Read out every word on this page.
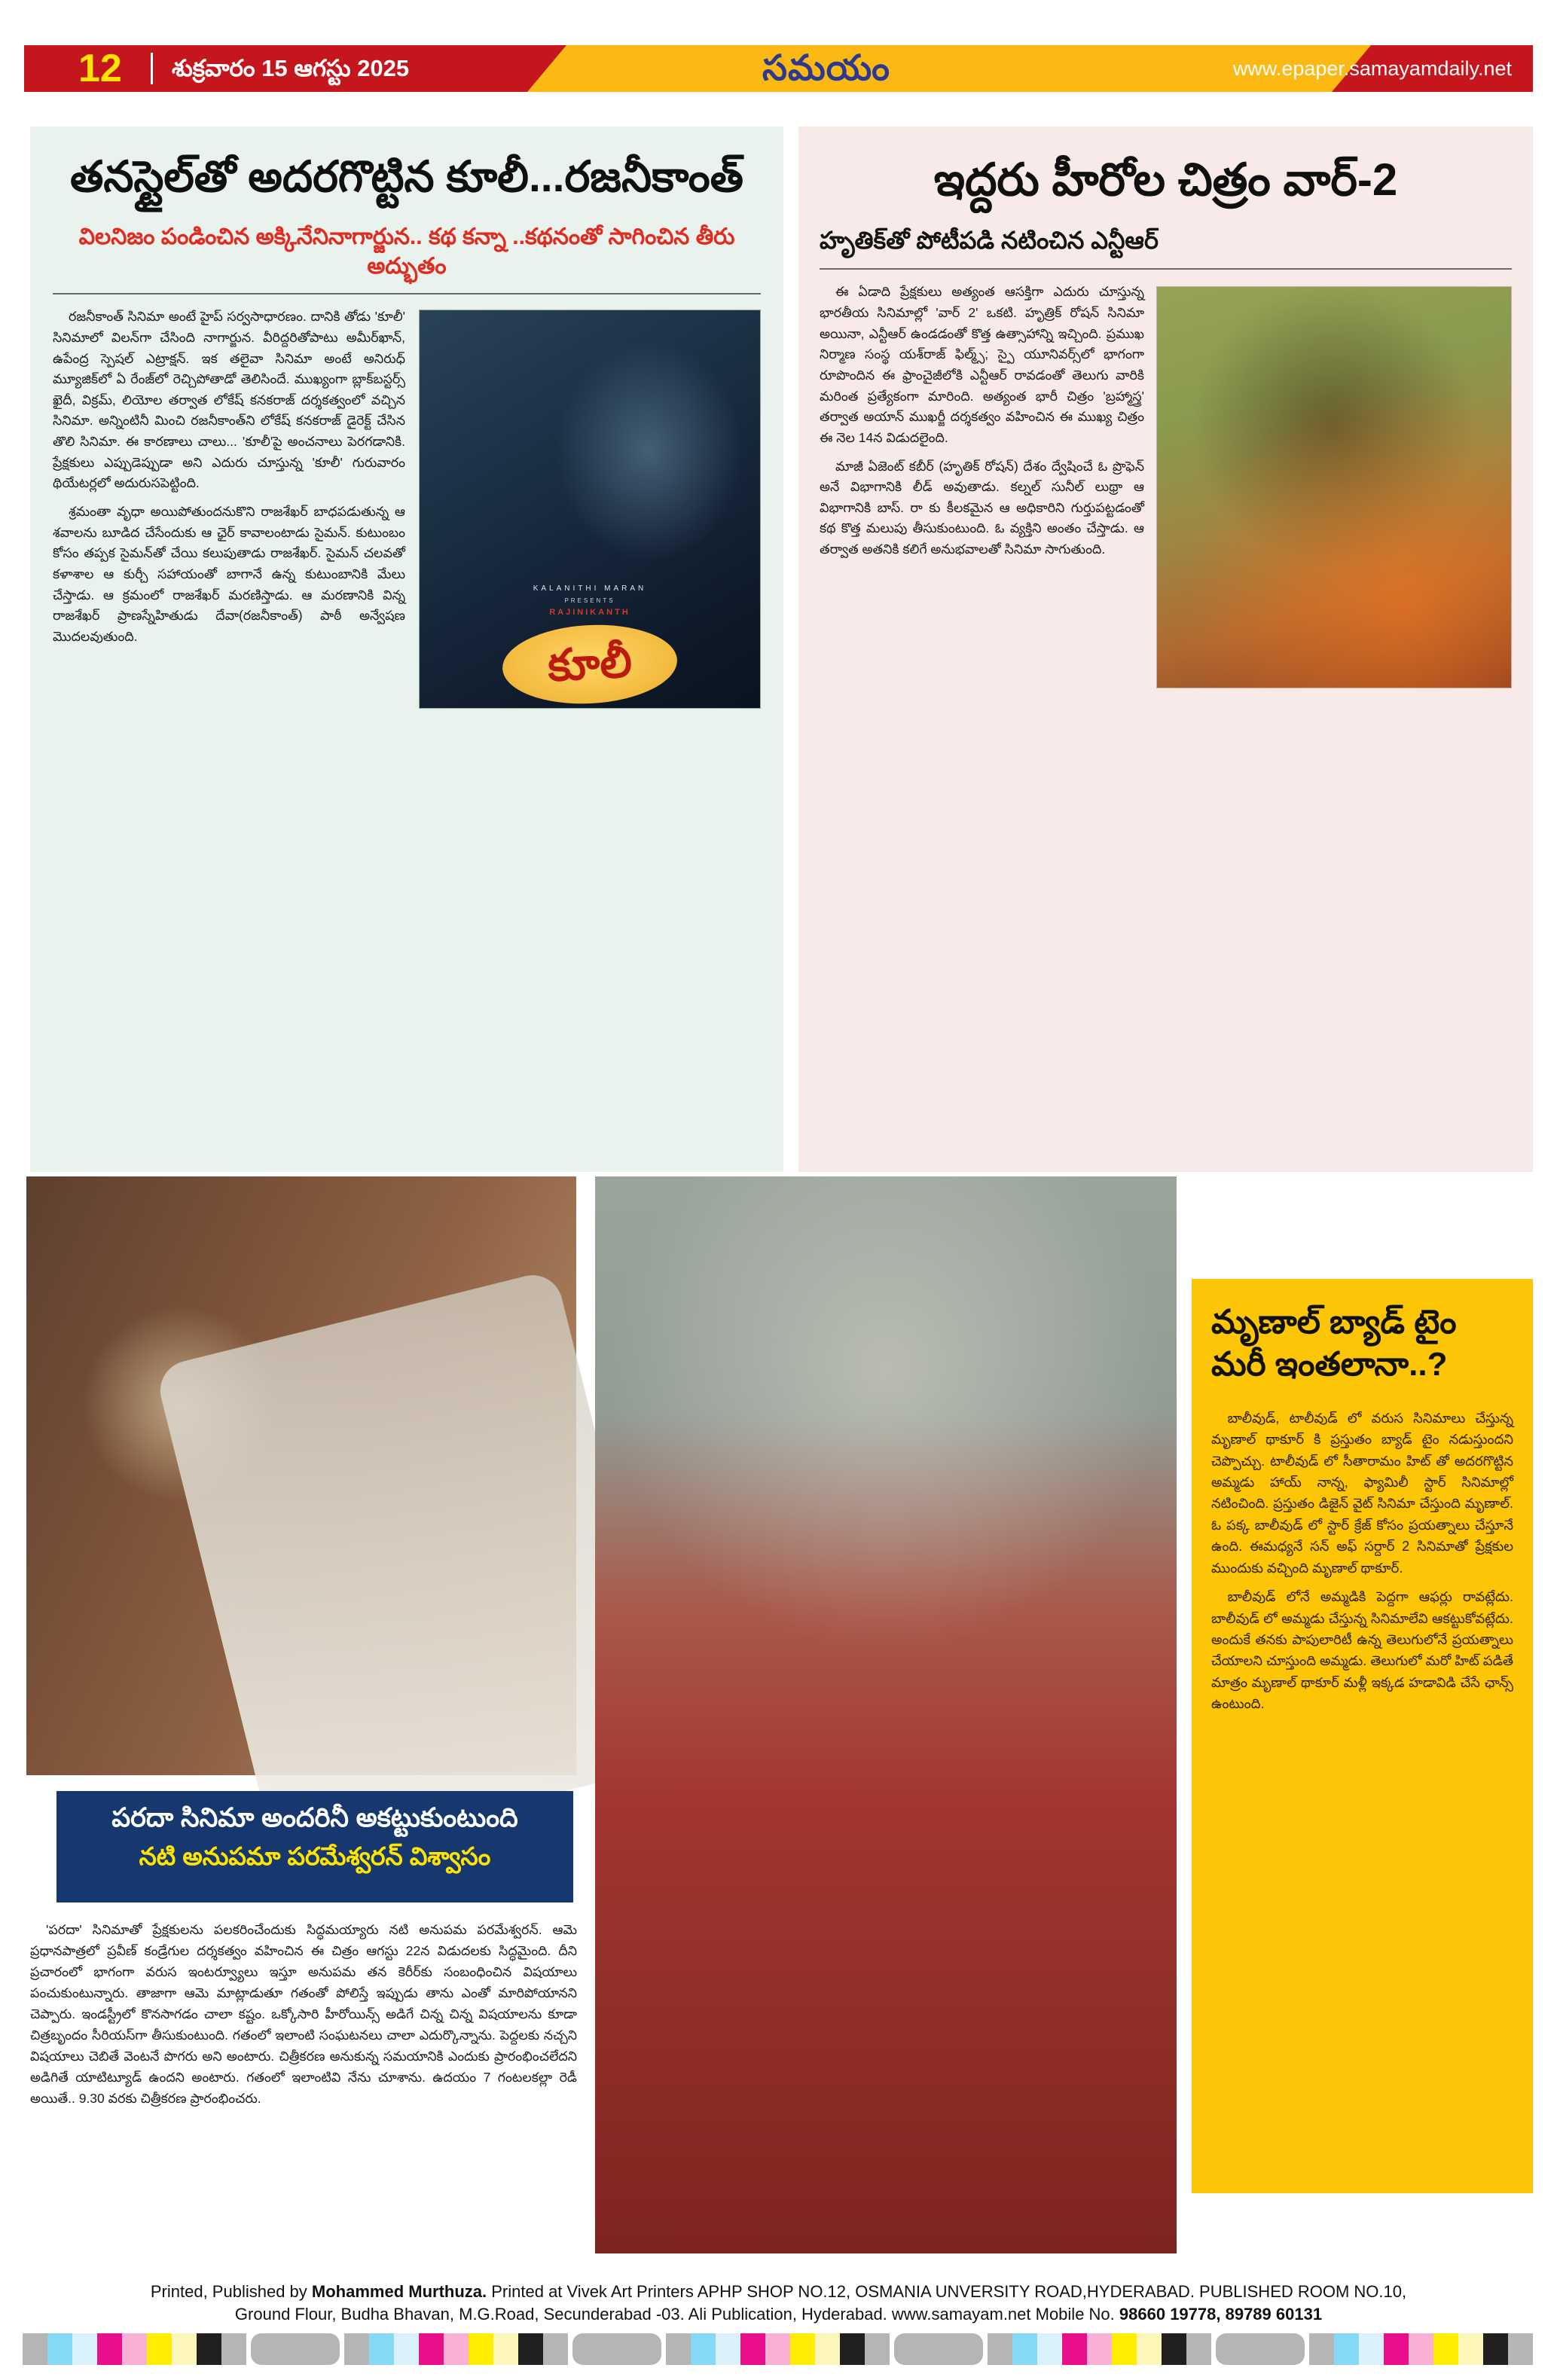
12 శుక్రవారం 15 ఆగస్టు 2025	సమయం	www.epaper.samayamdaily.net
తనస్టైల్‌తో అదరగొట్టిన కూలీ...రజనీకాంత్
విలనిజం పండించిన అక్కినేనినాగార్జున.. కథ కన్నా ..కథనంతో సాగించిన తీరు అద్భుతం
KALANITHI MARAN
PRESENTS
RAJINIKANTH
కూలీ

రజనీకాంత్ సినిమా అంటే హైప్ సర్వసాధారణం. దానికి తోడు 'కూలీ' సినిమాలో విలన్‌గా చేసింది నాగార్జున. వీరిద్దరితోపాటు అమీర్‌ఖాన్, ఉపేంద్ర స్పెషల్ ఎట్రాక్షన్. ఇక తలైవా సినిమా అంటే అనిరుధ్ మ్యూజిక్‌లో ఏ రేంజ్‌లో రెచ్చిపోతాడో తెలిసిందే. ముఖ్యంగా బ్లాక్‌బస్టర్స్ ఖైదీ, విక్రమ్, లియోల తర్వాత లోకేష్ కనకరాజ్ దర్శకత్వంలో వచ్చిన సినిమా. అన్నింటినీ మించి రజనీకాంత్‌ని లోకేష్ కనకరాజ్ డైరెక్ట్ చేసిన తొలి సినిమా. ఈ కారణాలు చాలు... 'కూలీ'పై అంచనాలు పెరగడానికి. ప్రేక్షకులు ఎప్పుడెప్పుడా అని ఎదురు చూస్తున్న 'కూలీ' గురువారం థియేటర్లలో అదురుసపెట్టింది.

శ్రమంతా వృధా అయిపోతుందనుకొని రాజశేఖర్ బాధపడుతున్న ఆ శవాలను బూడిద చేసేందుకు ఆ ఛైర్ కావాలంటాడు సైమన్. కుటుంబం కోసం తప్పక సైమన్‌తో చేయి కలుపుతాడు రాజశేఖర్. సైమన్ చలవతో కళాశాల ఆ కుర్చీ సహాయంతో బాగానే ఉన్న కుటుంబానికి మేలు చేస్తాడు. ఆ క్రమంలో రాజశేఖర్ మరణిస్తాడు. ఆ మరణానికి విన్న రాజశేఖర్ ప్రాణస్నేహితుడు దేవా(రజనీకాంత్) పాఠీ అన్వేషణ మొదలవుతుంది.

ఇద్దరు హీరోల చిత్రం వార్-2
హృతిక్‌తో పోటీపడి నటించిన ఎన్టీఆర్

ఈ ఏడాది ప్రేక్షకులు అత్యంత ఆసక్తిగా ఎదురు చూస్తున్న భారతీయ సినిమాల్లో 'వార్ 2' ఒకటి. హృత్రిక్ రోషన్ సినిమా అయినా, ఎన్టీఆర్ ఉండడంతో కొత్త ఉత్సాహాన్ని ఇచ్చింది. ప్రముఖ నిర్మాణ సంస్థ యశ్‌రాజ్ ఫిల్మ్స్; స్పై యూనివర్స్‌లో భాగంగా రూపొందిన ఈ ఫ్రాంచైజీలోకి ఎన్టీఆర్ రావడంతో తెలుగు వారికి మరింత ప్రత్యేకంగా మారింది. అత్యంత భారీ చిత్రం 'బ్రహ్మాస్త్ర' తర్వాత అయాన్ ముఖర్జీ దర్శకత్వం వహించిన ఈ ముఖ్య చిత్రం ఈ నెల 14న విడుదలైంది.

మాజీ ఏజెంట్ కబీర్ (హృతిక్ రోషన్) దేశం ద్వేషించే ఓ ప్రొఫెన్ అనే విభాగానికి లీడ్ అవుతాడు. కల్నల్ సునీల్ లుథ్రా ఆ విభాగానికి బాస్. రా కు కీలకమైన ఆ అధికారిని గుర్తుపట్టడంతో కథ కొత్త మలుపు తీసుకుంటుంది. ఓ వ్యక్తిని అంతం చేస్తాడు. ఆ తర్వాత అతనికి కలిగే అనుభవాలతో సినిమా సాగుతుంది.

పరదా సినిమా అందరినీ అకట్టుకుంటుంది
నటి అనుపమా పరమేశ్వరన్ విశ్వాసం

'పరదా' సినిమాతో ప్రేక్షకులను పలకరించేందుకు సిద్ధమయ్యారు నటి అనుపమ పరమేశ్వరన్. ఆమె ప్రధానపాత్రలో ప్రవీణ్ కండ్రేగుల దర్శకత్వం వహించిన ఈ చిత్రం ఆగస్టు 22న విడుదలకు సిద్ధమైంది. దీని ప్రచారంలో భాగంగా వరుస ఇంటర్వ్యూలు ఇస్తూ అనుపమ తన కెరీర్‌కు సంబంధించిన విషయాలు పంచుకుంటున్నారు. తాజాగా ఆమె మాట్లాడుతూ గతంతో పోలిస్తే ఇప్పుడు తాను ఎంతో మారిపోయానని చెప్పారు. ఇండస్ట్రీలో కొనసాగడం చాలా కష్టం. ఒక్కోసారి హీరోయిన్స్ అడిగే చిన్న చిన్న విషయాలను కూడా చిత్రబృందం సీరియస్‌గా తీసుకుంటుంది. గతంలో ఇలాంటి సంఘటనలు చాలా ఎదుర్కొన్నాను. పెద్దలకు నచ్చని విషయాలు చెబితే వెంటనే పొగరు అని అంటారు. చిత్రీకరణ అనుకున్న సమయానికి ఎందుకు ప్రారంభించలేదని అడిగితే యాటిట్యూడ్ ఉందని అంటారు. గతంలో ఇలాంటివి నేను చూశాను. ఉదయం 7 గంటలకల్లా రెడీ అయితే.. 9.30 వరకు చిత్రీకరణ ప్రారంభించరు.

మృణాల్ బ్యాడ్ టైం మరీ ఇంతలానా..?

బాలీవుడ్, టాలీవుడ్ లో వరుస సినిమాలు చేస్తున్న మృణాల్ థాకూర్ కి ప్రస్తుతం బ్యాడ్ టైం నడుస్తుందని చెప్పొచ్చు. టాలీవుడ్ లో సీతారామం హిట్ తో అదరగొట్టిన అమ్మడు హాయ్ నాన్న, ఫ్యామిలీ స్టార్ సినిమాల్లో నటించింది. ప్రస్తుతం డిజైన్ వైట్ సినిమా చేస్తుంది మృణాల్. ఓ పక్క బాలీవుడ్ లో స్టార్ క్రేజ్ కోసం ప్రయత్నాలు చేస్తూనే ఉంది. ఈమధ్యనే సన్ అఫ్ సర్దార్ 2 సినిమాతో ప్రేక్షకుల ముందుకు వచ్చింది మృణాల్ థాకూర్.

బాలీవుడ్ లోనే అమ్మడికి పెద్దగా ఆఫర్లు రావట్లేదు. బాలీవుడ్ లో అమ్మడు చేస్తున్న సినిమాలేవి ఆకట్టుకోవట్లేదు. అందుకే తనకు పాపులారిటీ ఉన్న తెలుగులోనే ప్రయత్నాలు చేయాలని చూస్తుంది అమ్మడు. తెలుగులో మరో హిట్ పడితే మాత్రం మృణాల్ థాకూర్ మళ్లీ ఇక్కడ హడావిడి చేసే ఛాన్స్ ఉంటుంది.

Printed, Published by Mohammed Murthuza. Printed at Vivek Art Printers APHP SHOP NO.12, OSMANIA UNVERSITY ROAD,HYDERABAD. PUBLISHED ROOM NO.10,
Ground Flour, Budha Bhavan, M.G.Road, Secunderabad -03. Ali Publication, Hyderabad. www.samayam.net Mobile No. 98660 19778, 89789 60131
